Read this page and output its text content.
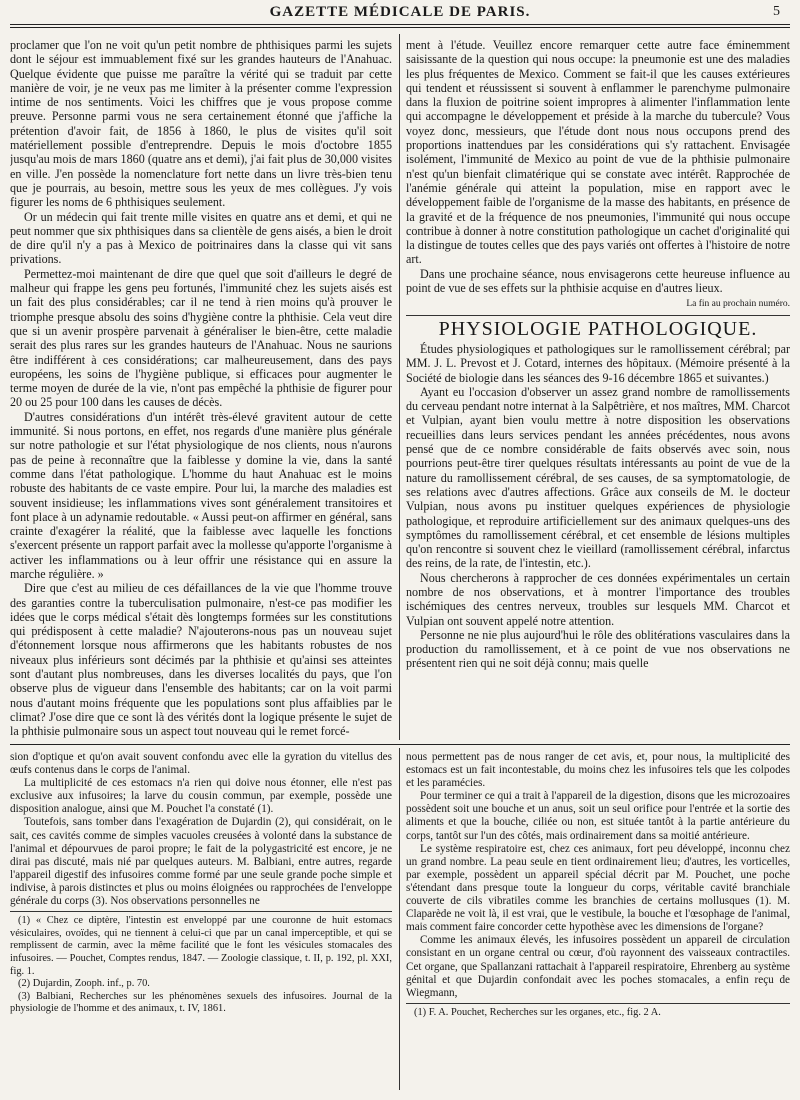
GAZETTE MÉDICALE DE PARIS.	5

proclamer que l'on ne voit qu'un petit nombre de phthisiques parmi les sujets dont le séjour est immuablement fixé sur les grandes hauteurs de l'Anahuac. Quelque évidente que puisse me paraître la vérité qui se traduit par cette manière de voir, je ne veux pas me limiter à la présenter comme l'expression intime de nos sentiments. Voici les chiffres que je vous propose comme preuve. Personne parmi vous ne sera certainement étonné que j'affiche la prétention d'avoir fait, de 1856 à 1860, le plus de visites qu'il soit matériellement possible d'entreprendre. Depuis le mois d'octobre 1855 jusqu'au mois de mars 1860 (quatre ans et demi), j'ai fait plus de 30,000 visites en ville. J'en possède la nomenclature fort nette dans un livre très-bien tenu que je pourrais, au besoin, mettre sous les yeux de mes collègues. J'y vois figurer les noms de 6 phthisiques seulement.

Or un médecin qui fait trente mille visites en quatre ans et demi, et qui ne peut nommer que six phthisiques dans sa clientèle de gens aisés, a bien le droit de dire qu'il n'y a pas à Mexico de poitrinaires dans la classe qui vit sans privations.

Permettez-moi maintenant de dire que quel que soit d'ailleurs le degré de malheur qui frappe les gens peu fortunés, l'immunité chez les sujets aisés est un fait des plus considérables; car il ne tend à rien moins qu'à prouver le triomphe presque absolu des soins d'hygiène contre la phthisie. Cela veut dire que si un avenir prospère parvenait à généraliser le bien-être, cette maladie serait des plus rares sur les grandes hauteurs de l'Anahuac. Nous ne saurions être indifférent à ces considérations; car malheureusement, dans des pays européens, les soins de l'hygiène publique, si efficaces pour augmenter le terme moyen de durée de la vie, n'ont pas empêché la phthisie de figurer pour 20 ou 25 pour 100 dans les causes de décès.

D'autres considérations d'un intérêt très-élevé gravitent autour de cette immunité. Si nous portons, en effet, nos regards d'une manière plus générale sur notre pathologie et sur l'état physiologique de nos clients, nous n'aurons pas de peine à reconnaître que la faiblesse y domine la vie, dans la santé comme dans l'état pathologique. L'homme du haut Anahuac est le moins robuste des habitants de ce vaste empire. Pour lui, la marche des maladies est souvent insidieuse; les inflammations vives sont généralement transitoires et font place à un adynamie redoutable. « Aussi peut-on affirmer en général, sans crainte d'exagérer la réalité, que la faiblesse avec laquelle les fonctions s'exercent présente un rapport parfait avec la mollesse qu'apporte l'organisme à activer les inflammations ou à leur offrir une résistance qui en assure la marche régulière. »

Dire que c'est au milieu de ces défaillances de la vie que l'homme trouve des garanties contre la tuberculisation pulmonaire, n'est-ce pas modifier les idées que le corps médical s'était dès longtemps formées sur les constitutions qui prédisposent à cette maladie? N'ajouterons-nous pas un nouveau sujet d'étonnement lorsque nous affirmerons que les habitants robustes de nos niveaux plus inférieurs sont décimés par la phthisie et qu'ainsi ses atteintes sont d'autant plus nombreuses, dans les diverses localités du pays, que l'on observe plus de vigueur dans l'ensemble des habitants; car on la voit parmi nous d'autant moins fréquente que les populations sont plus affaiblies par le climat? J'ose dire que ce sont là des vérités dont la logique présente le sujet de la phthisie pulmonaire sous un aspect tout nouveau qui le remet forcé-

ment à l'étude. Veuillez encore remarquer cette autre face éminemment saisissante de la question qui nous occupe: la pneumonie est une des maladies les plus fréquentes de Mexico. Comment se fait-il que les causes extérieures qui tendent et réussissent si souvent à enflammer le parenchyme pulmonaire dans la fluxion de poitrine soient impropres à alimenter l'inflammation lente qui accompagne le développement et préside à la marche du tubercule? Vous voyez donc, messieurs, que l'étude dont nous nous occupons prend des proportions inattendues par les considérations qui s'y rattachent. Envisagée isolément, l'immunité de Mexico au point de vue de la phthisie pulmonaire n'est qu'un bienfait climatérique qui se constate avec intérêt. Rapprochée de l'anémie générale qui atteint la population, mise en rapport avec le développement faible de l'organisme de la masse des habitants, en présence de la gravité et de la fréquence de nos pneumonies, l'immunité qui nous occupe contribue à donner à notre constitution pathologique un cachet d'originalité qui la distingue de toutes celles que des pays variés ont offertes à l'histoire de notre art.

Dans une prochaine séance, nous envisagerons cette heureuse influence au point de vue de ses effets sur la phthisie acquise en d'autres lieux.

La fin au prochain numéro.
PHYSIOLOGIE PATHOLOGIQUE.

Études physiologiques et pathologiques sur le ramollissement cérébral; par MM. J. L. Prevost et J. Cotard, internes des hôpitaux. (Mémoire présenté à la Société de biologie dans les séances des 9-16 décembre 1865 et suivantes.)

Ayant eu l'occasion d'observer un assez grand nombre de ramollissements du cerveau pendant notre internat à la Salpêtrière, et nos maîtres, MM. Charcot et Vulpian, ayant bien voulu mettre à notre disposition les observations recueillies dans leurs services pendant les années précédentes, nous avons pensé que de ce nombre considérable de faits observés avec soin, nous pourrions peut-être tirer quelques résultats intéressants au point de vue de la nature du ramollissement cérébral, de ses causes, de sa symptomatologie, de ses relations avec d'autres affections. Grâce aux conseils de M. le docteur Vulpian, nous avons pu instituer quelques expériences de physiologie pathologique, et reproduire artificiellement sur des animaux quelques-uns des symptômes du ramollissement cérébral, et cet ensemble de lésions multiples qu'on rencontre si souvent chez le vieillard (ramollissement cérébral, infarctus des reins, de la rate, de l'intestin, etc.).

Nous chercherons à rapprocher de ces données expérimentales un certain nombre de nos observations, et à montrer l'importance des troubles ischémiques des centres nerveux, troubles sur lesquels MM. Charcot et Vulpian ont souvent appelé notre attention.

Personne ne nie plus aujourd'hui le rôle des oblitérations vasculaires dans la production du ramollissement, et à ce point de vue nos observations ne présentent rien qui ne soit déjà connu; mais quelle

sion d'optique et qu'on avait souvent confondu avec elle la gyration du vitellus des œufs contenus dans le corps de l'animal.

La multiplicité de ces estomacs n'a rien qui doive nous étonner, elle n'est pas exclusive aux infusoires; la larve du cousin commun, par exemple, possède une disposition analogue, ainsi que M. Pouchet l'a constaté (1).

Toutefois, sans tomber dans l'exagération de Dujardin (2), qui considérait, on le sait, ces cavités comme de simples vacuoles creusées à volonté dans la substance de l'animal et dépourvues de paroi propre; le fait de la polygastricité est encore, je ne dirai pas discuté, mais nié par quelques auteurs. M. Balbiani, entre autres, regarde l'appareil digestif des infusoires comme formé par une seule grande poche simple et indivise, à parois distinctes et plus ou moins éloignées ou rapprochées de l'enveloppe générale du corps (3). Nos observations personnelles ne

(1) « Chez ce diptère, l'intestin est enveloppé par une couronne de huit estomacs vésiculaires, ovoïdes, qui ne tiennent à celui-ci que par un canal imperceptible, et qui se remplissent de carmin, avec la même facilité que le font les vésicules stomacales des infusoires. — Pouchet, Comptes rendus, 1847. — Zoologie classique, t. II, p. 192, pl. XXI, fig. 1.

(2) Dujardin, Zooph. inf., p. 70.

(3) Balbiani, Recherches sur les phénomènes sexuels des infusoires. Journal de la physiologie de l'homme et des animaux, t. IV, 1861.

nous permettent pas de nous ranger de cet avis, et, pour nous, la multiplicité des estomacs est un fait incontestable, du moins chez les infusoires tels que les colpodes et les paramécies.

Pour terminer ce qui a trait à l'appareil de la digestion, disons que les microzoaires possèdent soit une bouche et un anus, soit un seul orifice pour l'entrée et la sortie des aliments et que la bouche, ciliée ou non, est située tantôt à la partie antérieure du corps, tantôt sur l'un des côtés, mais ordinairement dans sa moitié antérieure.

Le système respiratoire est, chez ces animaux, fort peu développé, inconnu chez un grand nombre. La peau seule en tient ordinairement lieu; d'autres, les vorticelles, par exemple, possèdent un appareil spécial décrit par M. Pouchet, une poche s'étendant dans presque toute la longueur du corps, véritable cavité branchiale couverte de cils vibratiles comme les branchies de certains mollusques (1). M. Claparède ne voit là, il est vrai, que le vestibule, la bouche et l'œsophage de l'animal, mais comment faire concorder cette hypothèse avec les dimensions de l'organe?

Comme les animaux élevés, les infusoires possèdent un appareil de circulation consistant en un organe central ou cœur, d'où rayonnent des vaisseaux contractiles. Cet organe, que Spallanzani rattachait à l'appareil respiratoire, Ehrenberg au système génital et que Dujardin confondait avec les poches stomacales, a enfin reçu de Wiegmann,

(1) F. A. Pouchet, Recherches sur les organes, etc., fig. 2 A.
